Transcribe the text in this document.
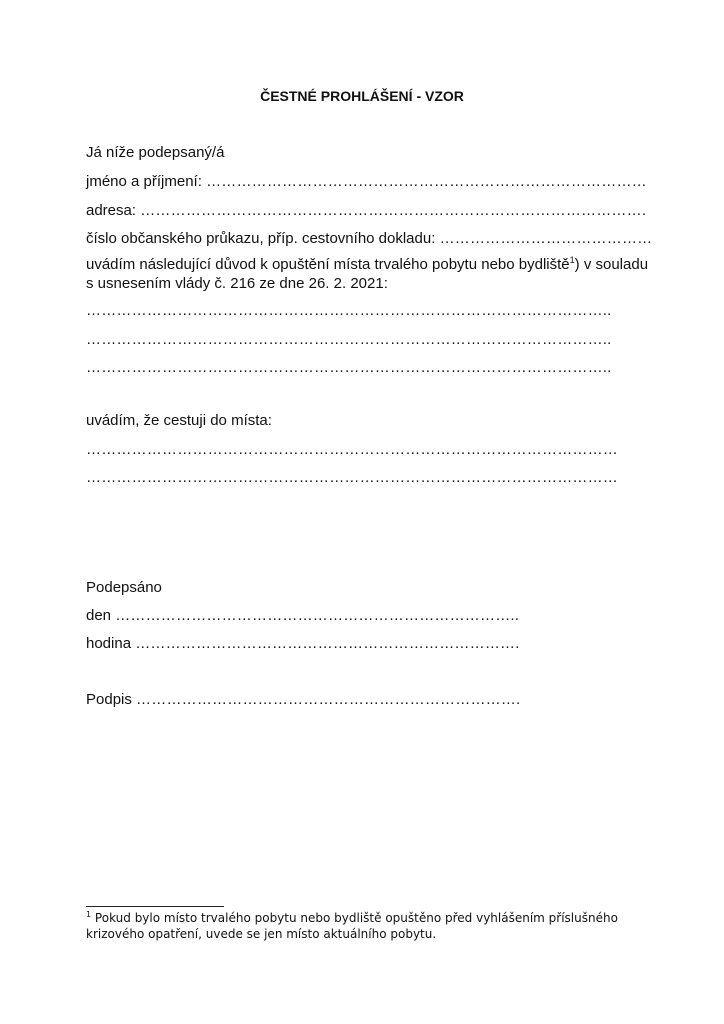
ČESTNÉ PROHLÁŠENÍ - VZOR

Já níže podepsaný/á

jméno a příjmení: ……………………………………………………………………………

adresa: ……………………………………………………………………………………….

číslo občanského průkazu, příp. cestovního dokladu: ……………………………………

uvádím následující důvod k opuštění místa trvalého pobytu nebo bydliště$^1$) v souladu

s usnesením vlády č. 216 ze dne 26. 2. 2021:

…………………………………………………………………………………………..

…………………………………………………………………………………………..

…………………………………………………………………………………………..

uvádím, že cestuji do místa:

……………………………………………………………………………………………

……………………………………………………………………………………………

Podepsáno

den ……………………………………………………………………..

hodina ………………………………………………………………….

Podpis ………………………………………………………………….

$^1$ Pokud bylo místo trvalého pobytu nebo bydliště opuštěno před vyhlášením příslušného krizového opatření, uvede se jen místo aktuálního pobytu.
